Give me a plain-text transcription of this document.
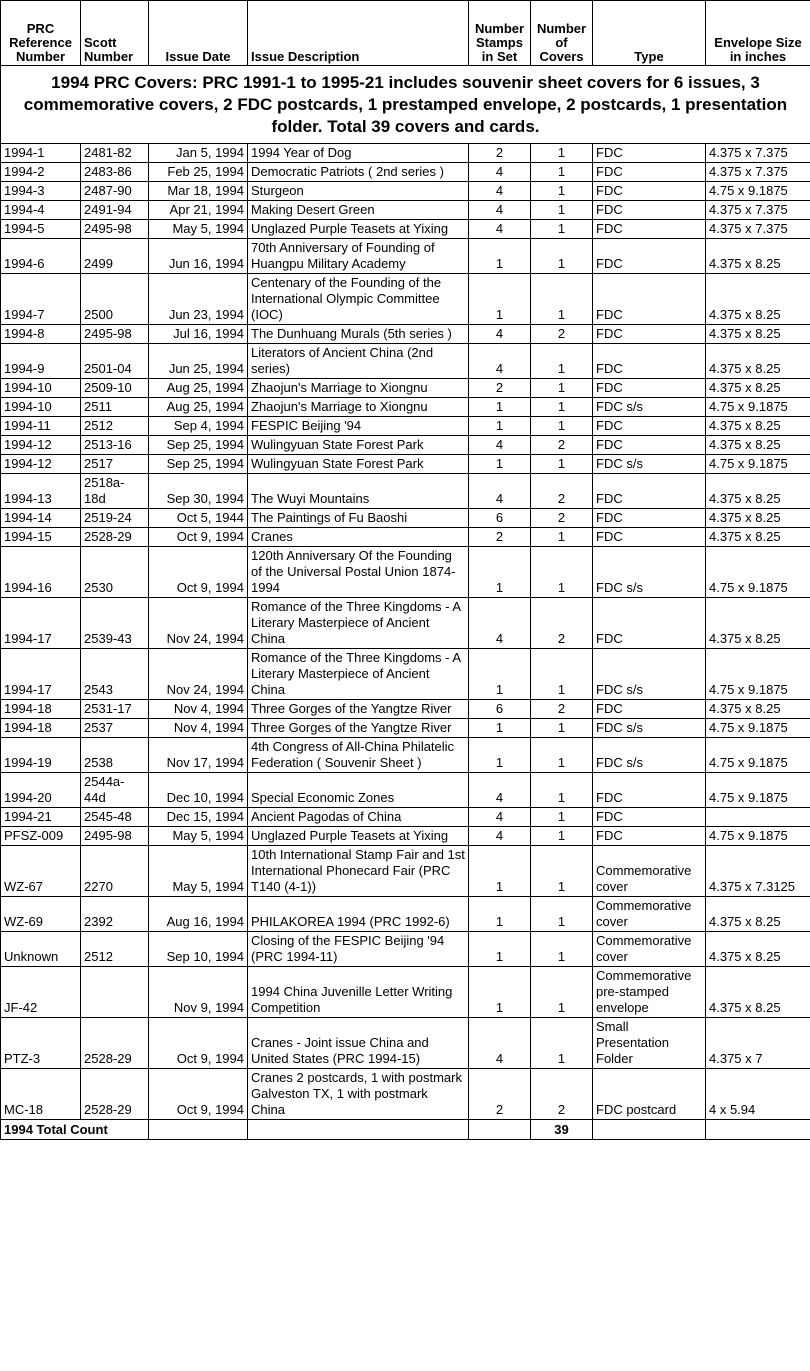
PRC Reference Number	Scott Number	Issue Date	Issue Description	Number Stamps in Set	Number of Covers	Type	Envelope Size in inches
1994 PRC Covers: PRC 1991-1 to 1995-21 includes souvenir sheet covers for 6 issues, 3 commemorative covers, 2 FDC postcards, 1 prestamped envelope, 2 postcards, 1 presentation folder. Total 39 covers and cards.							
1994-1	2481-82	Jan 5, 1994	1994 Year of Dog	2	1	FDC	4.375 x 7.375
1994-2	2483-86	Feb 25, 1994	Democratic Patriots ( 2nd series )	4	1	FDC	4.375 x 7.375
1994-3	2487-90	Mar 18, 1994	Sturgeon	4	1	FDC	4.75 x 9.1875
1994-4	2491-94	Apr 21, 1994	Making Desert Green	4	1	FDC	4.375 x 7.375
1994-5	2495-98	May 5, 1994	Unglazed Purple Teasets at Yixing	4	1	FDC	4.375 x 7.375
1994-6	2499	Jun 16, 1994	70th Anniversary of Founding of Huangpu Military Academy	1	1	FDC	4.375 x 8.25
1994-7	2500	Jun 23, 1994	Centenary of the Founding of the International Olympic Committee (IOC)	1	1	FDC	4.375 x 8.25
1994-8	2495-98	Jul 16, 1994	The Dunhuang Murals (5th series )	4	2	FDC	4.375 x 8.25
1994-9	2501-04	Jun 25, 1994	Literators of Ancient China (2nd series)	4	1	FDC	4.375 x 8.25
1994-10	2509-10	Aug 25, 1994	Zhaojun's Marriage to Xiongnu	2	1	FDC	4.375 x 8.25
1994-10	2511	Aug 25, 1994	Zhaojun's Marriage to Xiongnu	1	1	FDC s/s	4.75 x 9.1875
1994-11	2512	Sep 4, 1994	FESPIC Beijing '94	1	1	FDC	4.375 x 8.25
1994-12	2513-16	Sep 25, 1994	Wulingyuan State Forest Park	4	2	FDC	4.375 x 8.25
1994-12	2517	Sep 25, 1994	Wulingyuan State Forest Park	1	1	FDC s/s	4.75 x 9.1875
1994-13	2518a-18d	Sep 30, 1994	The Wuyi Mountains	4	2	FDC	4.375 x 8.25
1994-14	2519-24	Oct 5, 1944	The Paintings of Fu Baoshi	6	2	FDC	4.375 x 8.25
1994-15	2528-29	Oct 9, 1994	Cranes	2	1	FDC	4.375 x 8.25
1994-16	2530	Oct 9, 1994	120th Anniversary Of the Founding of the Universal Postal Union 1874-1994	1	1	FDC s/s	4.75 x 9.1875
1994-17	2539-43	Nov 24, 1994	Romance of the Three Kingdoms - A Literary Masterpiece of Ancient China	4	2	FDC	4.375 x 8.25
1994-17	2543	Nov 24, 1994	Romance of the Three Kingdoms - A Literary Masterpiece of Ancient China	1	1	FDC s/s	4.75 x 9.1875
1994-18	2531-17	Nov 4, 1994	Three Gorges of the Yangtze River	6	2	FDC	4.375 x 8.25
1994-18	2537	Nov 4, 1994	Three Gorges of the Yangtze River	1	1	FDC s/s	4.75 x 9.1875
1994-19	2538	Nov 17, 1994	4th Congress of All-China Philatelic Federation ( Souvenir Sheet )	1	1	FDC s/s	4.75 x 9.1875
1994-20	2544a-44d	Dec 10, 1994	Special Economic Zones	4	1	FDC	4.75 x 9.1875
1994-21	2545-48	Dec 15, 1994	Ancient Pagodas of China	4	1	FDC	
PFSZ-009	2495-98	May 5, 1994	Unglazed Purple Teasets at Yixing	4	1	FDC	4.75 x 9.1875
WZ-67	2270	May 5, 1994	10th International Stamp Fair and 1st International Phonecard Fair (PRC T140 (4-1))	1	1	Commemorative cover	4.375 x 7.3125
WZ-69	2392	Aug 16, 1994	PHILAKOREA 1994 (PRC 1992-6)	1	1	Commemorative cover	4.375 x 8.25
Unknown	2512	Sep 10, 1994	Closing of the FESPIC Beijing '94 (PRC 1994-11)	1	1	Commemorative cover	4.375 x 8.25
JF-42		Nov 9, 1994	1994 China Juvenille Letter Writing Competition	1	1	Commemorative pre-stamped envelope	4.375 x 8.25
PTZ-3	2528-29	Oct 9, 1994	Cranes - Joint issue China and United States (PRC 1994-15)	4	1	Small Presentation Folder	4.375 x 7
MC-18	2528-29	Oct 9, 1994	Cranes 2 postcards, 1 with postmark Galveston TX, 1 with postmark China	2	2	FDC postcard	4 x 5.94
1994 Total Count					39		
